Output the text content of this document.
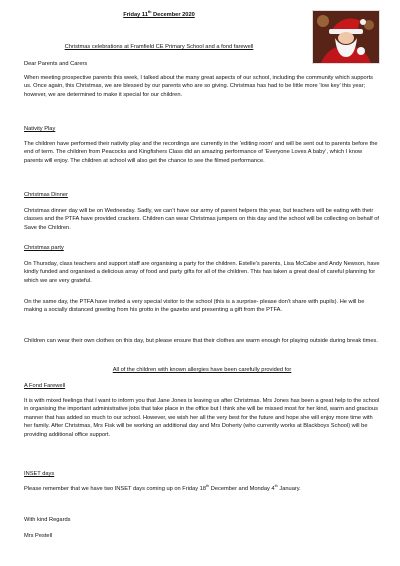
Friday 11th December 2020
Christmas celebrations at Framfield CE Primary School and a fond farewell
Dear Parents and Carers
When meeting prospective parents this week, I talked about the many great aspects of our school, including the community which supports us. Once again, this Christmas, we are blessed by our parents who are so giving. Christmas has had to be little more ‘low key’ this year; however, we are determined to make it special for our children.
Nativity Play
The children have performed their nativity play and the recordings are currently in the ‘editing room’ and will be sent out to parents before the end of term. The children from Peacocks and Kingfishers Class did an amazing performance of ‘Everyone Loves A baby’, which I know parents will enjoy. The children at school will also get the chance to see the filmed performance.
Christmas Dinner
Christmas dinner day will be on Wednesday. Sadly, we can’t have our army of parent helpers this year, but teachers will be eating with their classes and the PTFA have provided crackers. Children can wear Christmas jumpers on this day and the school will be collecting on behalf of Save the Children.
Christmas party
On Thursday, class teachers and support staff are organising a party for the children. Estelle’s parents, Lisa McCabe and Andy Newson, have kindly funded and organised a delicious array of food and party gifts for all of the children. This has taken a great deal of careful planning for which we are very grateful.
On the same day, the PTFA have invited a very special visitor to the school (this is a surprise- please don’t share with pupils). He will be making a socially distanced greeting from his grotto in the gazebo and presenting a gift from the PTFA.
Children can wear their own clothes on this day, but please ensure that their clothes are warm enough for playing outside during break times.
All of the children with known allergies have been carefully provided for
A Fond Farewell
It is with mixed feelings that I want to inform you that Jane Jones is leaving us after Christmas. Mrs Jones has been a great help to the school in organising the important administrative jobs that take place in the office but I think she will be missed most for her kind, warm and gracious manner that has added so much to our school. However, we wish her all the very best for the future and hope she will enjoy more time with her family. After Christmas, Mrs Fisk will be working an additional day and Mrs Doherty (who currently works at Blackboys School) will be providing additional office support.
INSET days
Please remember that we have two INSET days coming up on Friday 18th December and Monday 4th January.
With kind Regards
Mrs Pestell
